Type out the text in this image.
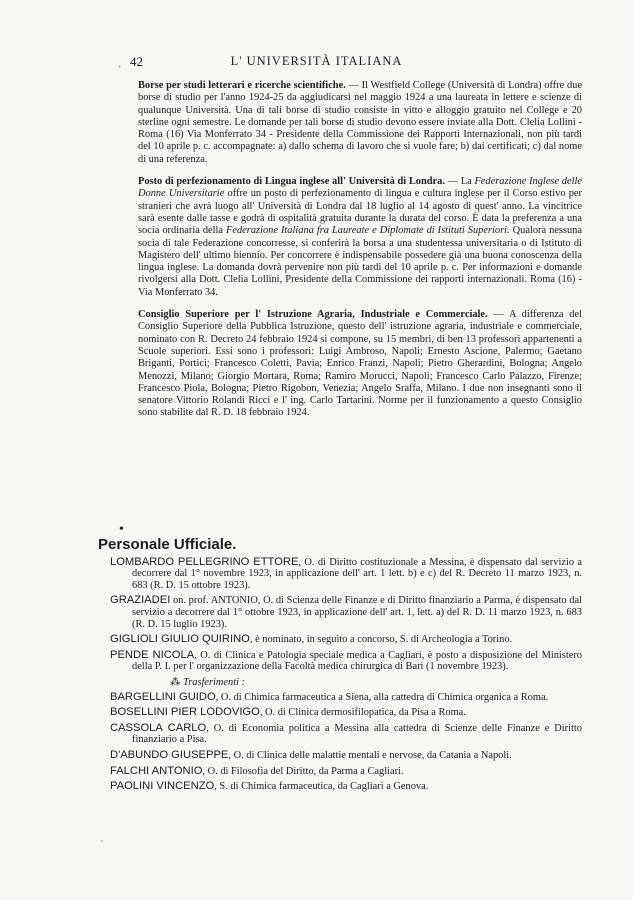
42	L' UNIVERSITÀ ITALIANA

Borse per studi letterari e ricerche scientifiche. — Il Westfield College (Università di Londra) offre due borse di studio per l'anno 1924-25 da aggiudicarsi nel maggio 1924 a una laureata in lettere e scienze di qualunque Università. Una di tali borse di studio consiste in vitto e alloggio gratuito nel College e 20 sterline ogni semestre. Le domande per tali borse di studio devono essere inviate alla Dott. Clelia Lollini - Roma (16) Via Monferrato 34 - Presidente della Commissione dei Rapporti Internazionali, non più tardi del 10 aprile p. c. accompagnate: a) dallo schema di lavoro che si vuole fare; b) dai certificati; c) dal nome di una referenza.

Posto di perfezionamento di Lingua inglese all' Università di Londra. — La Federazione Inglese delle Donne Universitarie offre un posto di perfezionamento di lingua e cultura inglese per il Corso estivo per stranieri che avrà luogo all' Università di Londra dal 18 luglio al 14 agosto di quest' anno. La vincitrice sarà esente dalle tasse e godrà di ospitalità gratuita durante la durata del corso. È data la preferenza a una socia ordinaria della Federazione Italiana fra Laureate e Diplomate di Istituti Superiori. Qualora nessuna socia di tale Federazione concorresse, si conferirà la borsa a una studentessa universitaria o di Istituto di Magistero dell' ultimo biennio. Per concorrere è indispensabile possedere già una buona conoscenza della lingua inglese. La domanda dovrà pervenire non più tardi del 10 aprile p. c. Per informazioni e domande rivolgersi alla Dott. Clelia Lollini, Presidente della Commissione dei rapporti internazionali. Roma (16) - Via Monferrato 34.

Consiglio Superiore per l' Istruzione Agraria, Industriale e Commerciale. — A differenza del Consiglio Superiore della Pubblica Istruzione, questo dell' istruzione agraria, industriale e commerciale, nominato con R. Decreto 24 febbraio 1924 si compone, su 15 membri, di ben 13 professori appartenenti a Scuole superiori. Essi sono i professori: Luigi Ambroso, Napoli; Ernesto Ascione, Palermo; Gaetano Briganti, Portici; Francesco Coletti, Pavia; Enrico Franzi, Napoli; Pietro Gherardini, Bologna; Angelo Menozzi, Milano; Giorgio Mortara, Roma; Ramiro Morucci, Napoli; Francesco Carlo Palazzo, Firenze; Francesco Piola, Bologna; Pietro Rigobon, Venezia; Angelo Sraffa, Milano. I due non insegnanti sono il senatore Vittorio Rolandi Ricci e l' ing. Carlo Tartarini. Norme per il funzionamento a questo Consiglio sono stabilite dal R. D. 18 febbraio 1924.

Personale Ufficiale.
LOMBARDO PELLEGRINO ETTORE, O. di Diritto costituzionale a Messina, è dispensato dal servizio a decorrere dal 1° novembre 1923, in applicazione dell' art. 1 lett. b) e c) del R. Decreto 11 marzo 1923, n. 683 (R. D. 15 ottobre 1923).
GRAZIADEI on. prof. ANTONIO, O. di Scienza delle Finanze e di Diritto finanziario a Parma, è dispensato dal servizio a decorrere dal 1° ottobre 1923, in applicazione dell' art. 1, lett. a) del R. D. 11 marzo 1923, n. 683 (R. D. 15 luglio 1923).
GIGLIOLI GIULIO QUIRINO, è nominato, in seguito a concorso, S. di Archeologia a Torino.
PENDE NICOLA, O. di Clinica e Patologia speciale medica a Cagliari, è posto a disposizione del Ministero della P. I. per l' organizzazione della Facoltà medica chirurgica di Bari (1 novembre 1923).
⁂ Trasferimenti :
BARGELLINI GUIDO, O. di Chimica farmaceutica a Siena, alla cattedra di Chimica organica a Roma.
BOSELLINI PIER LODOVIGO, O. di Clinica dermosifilopatica, da Pisa a Roma.
CASSOLA CARLO, O. di Economia politica a Messina alla cattedra di Scienze delle Finanze e Diritto finanziario a Pisa.
D'ABUNDO GIUSEPPE, O. di Clinica delle malattie mentali e nervose, da Catania a Napoli.
FALCHI ANTONIO, O. di Filosofia del Diritto, da Parma a Cagliari.
PAOLINI VINCENZO, S. di Chimica farmaceutica, da Cagliari a Genova.
•
·
`
